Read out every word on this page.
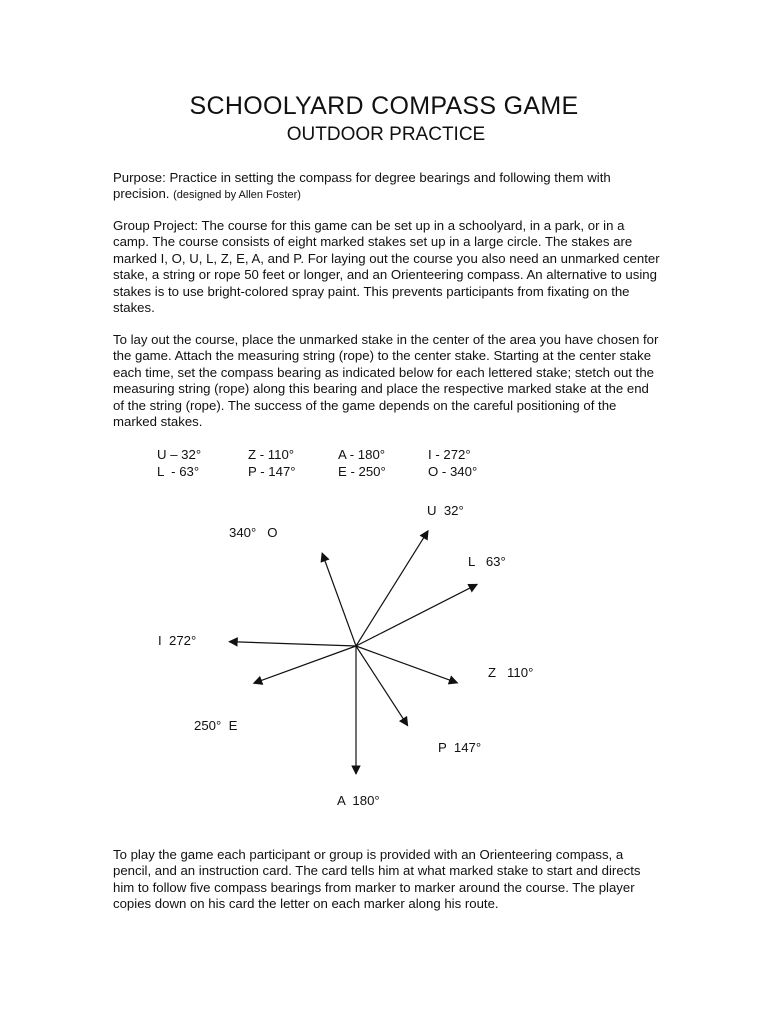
SCHOOLYARD COMPASS GAME
OUTDOOR PRACTICE

Purpose: Practice in setting the compass for degree bearings and following them with precision. (designed by Allen Foster)

Group Project: The course for this game can be set up in a schoolyard, in a park, or in a camp. The course consists of eight marked stakes set up in a large circle. The stakes are marked I, O, U, L, Z, E, A, and P. For laying out the course you also need an unmarked center stake, a string or rope 50 feet or longer, and an Orienteering compass. An alternative to using stakes is to use bright-colored spray paint. This prevents participants from fixating on the stakes.

To lay out the course, place the unmarked stake in the center of the area you have chosen for the game. Attach the measuring string (rope) to the center stake. Starting at the center stake each time, set the compass bearing as indicated below for each lettered stake; stetch out the measuring string (rope) along this bearing and place the respective marked stake at the end of the string (rope). The success of the game depends on the careful positioning of the marked stakes.

U – 32°	Z - 110°	A - 180°	I - 272°
L  - 63°	P - 147°	E - 250°	O - 340°
U  32°
L   63°
Z   110°
P  147°
A  180°
250°  E
I  272°
340°   O

To play the game each participant or group is provided with an Orienteering compass, a pencil, and an instruction card. The card tells him at what marked stake to start and directs him to follow five compass bearings from marker to marker around the course. The player copies down on his card the letter on each marker along his route.
